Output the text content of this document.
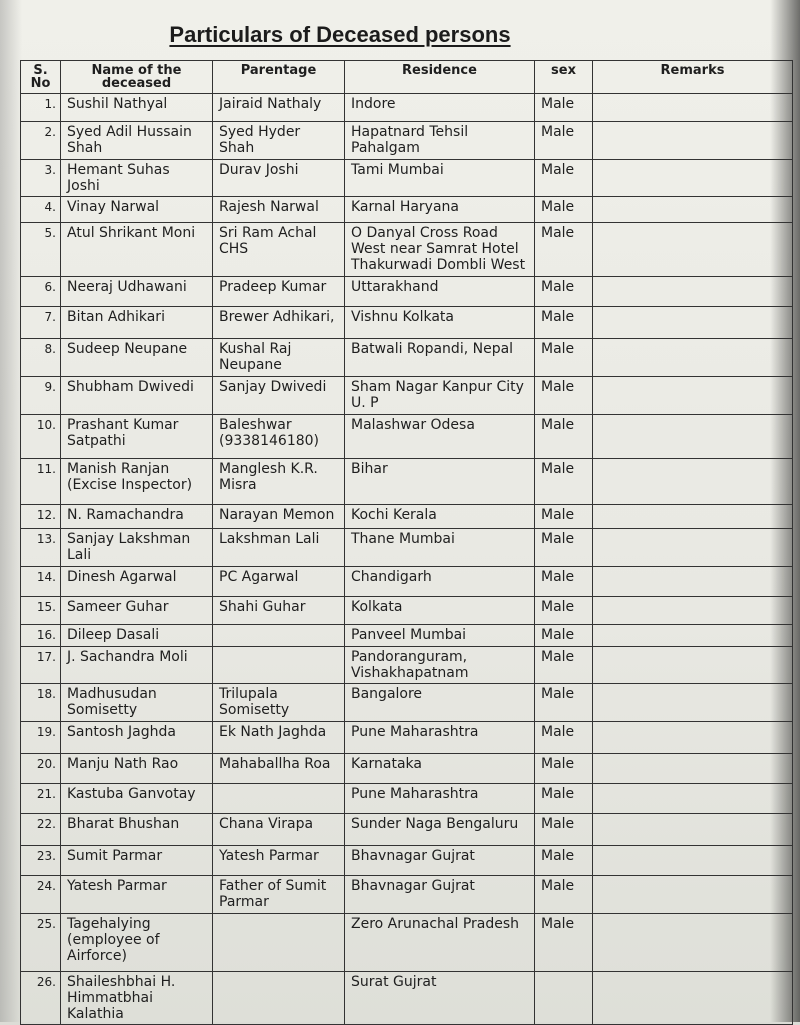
Particulars of Deceased persons
S. No	Name of the deceased	Parentage	Residence	sex	Remarks
1.	Sushil Nathyal	Jairaid Nathaly	Indore	Male	
2.	Syed Adil Hussain Shah	Syed Hyder Shah	Hapatnard Tehsil Pahalgam	Male	
3.	Hemant Suhas Joshi	Durav Joshi	Tami Mumbai	Male	
4.	Vinay Narwal	Rajesh Narwal	Karnal Haryana	Male	
5.	Atul Shrikant Moni	Sri Ram Achal CHS	O Danyal Cross Road West near Samrat Hotel Thakurwadi Dombli West	Male	
6.	Neeraj Udhawani	Pradeep Kumar	Uttarakhand	Male	
7.	Bitan Adhikari	Brewer Adhikari,	Vishnu Kolkata	Male	
8.	Sudeep Neupane	Kushal Raj Neupane	Batwali Ropandi, Nepal	Male	
9.	Shubham Dwivedi	Sanjay Dwivedi	Sham Nagar Kanpur City U. P	Male	
10.	Prashant Kumar Satpathi	Baleshwar (9338146180)	Malashwar Odesa	Male	
11.	Manish Ranjan (Excise Inspector)	Manglesh K.R. Misra	Bihar	Male	
12.	N. Ramachandra	Narayan Memon	Kochi Kerala	Male	
13.	Sanjay Lakshman Lali	Lakshman Lali	Thane Mumbai	Male	
14.	Dinesh Agarwal	PC Agarwal	Chandigarh	Male	
15.	Sameer Guhar	Shahi Guhar	Kolkata	Male	
16.	Dileep Dasali		Panveel Mumbai	Male	
17.	J. Sachandra Moli		Pandoranguram, Vishakhapatnam	Male	
18.	Madhusudan Somisetty	Trilupala Somisetty	Bangalore	Male	
19.	Santosh Jaghda	Ek Nath Jaghda	Pune Maharashtra	Male	
20.	Manju Nath Rao	Mahaballha Roa	Karnataka	Male	
21.	Kastuba Ganvotay		Pune Maharashtra	Male	
22.	Bharat Bhushan	Chana Virapa	Sunder Naga Bengaluru	Male	
23.	Sumit Parmar	Yatesh Parmar	Bhavnagar Gujrat	Male	
24.	Yatesh Parmar	Father of Sumit Parmar	Bhavnagar Gujrat	Male	
25.	Tagehalying (employee of Airforce)		Zero Arunachal Pradesh	Male	
26.	Shaileshbhai H. Himmatbhai Kalathia		Surat Gujrat		
